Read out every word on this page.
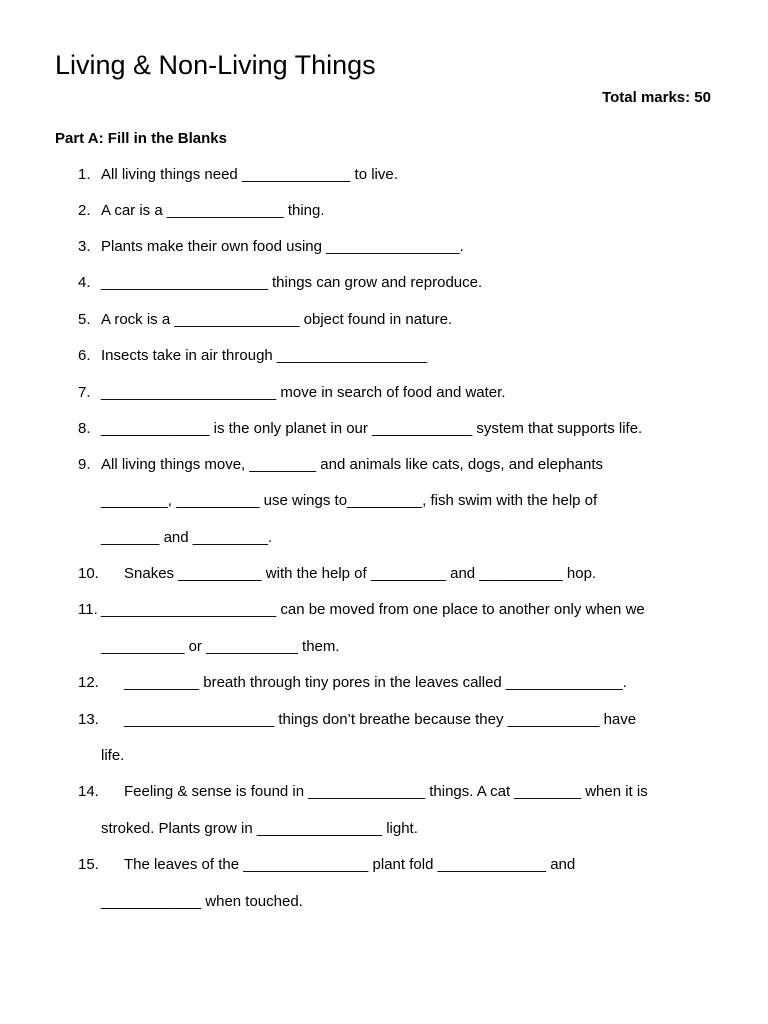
Living & Non-Living Things
Total marks: 50
Part A: Fill in the Blanks
1. All living things need _____________ to live.
2. A car is a ______________ thing.
3. Plants make their own food using ________________.
4. ____________________ things can grow and reproduce.
5. A rock is a _______________ object found in nature.
6. Insects take in air through __________________
7. _____________________ move in search of food and water.
8. _____________ is the only planet in our ____________ system that supports life.
9. All living things move, ________ and animals like cats, dogs, and elephants
________, __________ use wings to_________, fish swim with the help of
_______ and _________.
10. Snakes __________ with the help of _________ and __________ hop.
11. _____________________ can be moved from one place to another only when we
__________ or ___________ them.
12. _________ breath through tiny pores in the leaves called ______________.
13. __________________ things don’t breathe because they ___________ have
life.
14. Feeling & sense is found in ______________ things. A cat ________ when it is
stroked. Plants grow in _______________ light.
15. The leaves of the _______________ plant fold _____________ and
____________ when touched.
